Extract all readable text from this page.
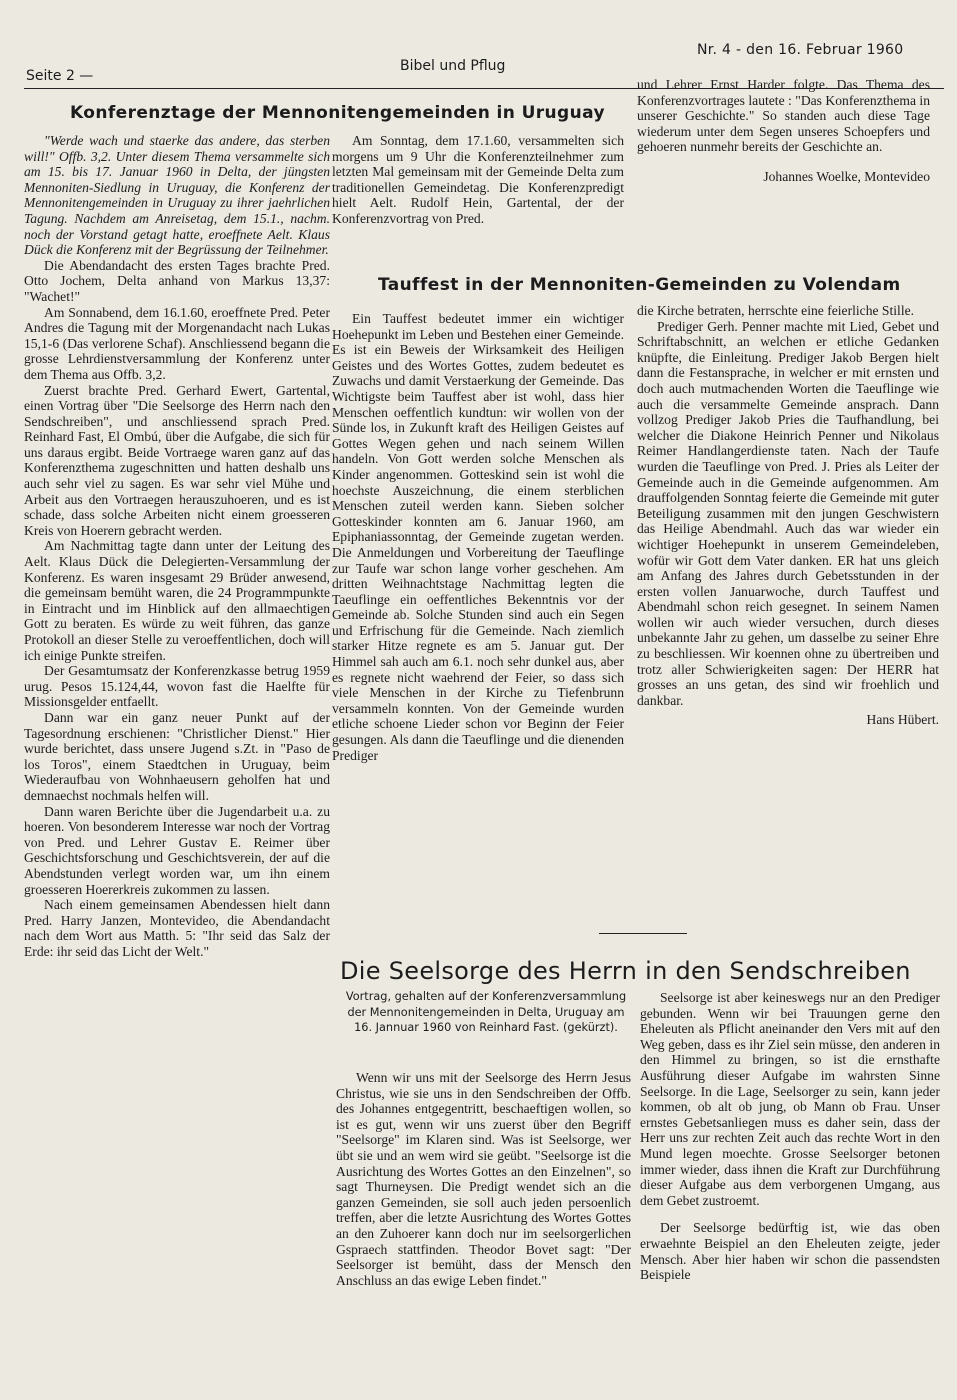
Seite 2 —
Bibel und Pflug
Nr. 4 - den 16. Februar 1960
Konferenztage der Mennonitengemeinden in Uruguay

"Werde wach und staerke das andere, das sterben will!" Offb. 3,2. Unter diesem Thema versammelte sich am 15. bis 17. Januar 1960 in Delta, der jüngsten Mennoniten-Siedlung in Uruguay, die Konferenz der Mennonitengemeinden in Uruguay zu ihrer jaehrlichen Tagung. Nachdem am Anreisetag, dem 15.1., nachm. noch der Vorstand getagt hatte, eroeffnete Aelt. Klaus Dück die Konferenz mit der Begrüssung der Teilnehmer.

Die Abendandacht des ersten Tages brachte Pred. Otto Jochem, Delta anhand von Markus 13,37: "Wachet!"

Am Sonnabend, dem 16.1.60, eroeffnete Pred. Peter Andres die Tagung mit der Morgenandacht nach Lukas 15,1-6 (Das verlorene Schaf). Anschliessend begann die grosse Lehrdienstversammlung der Konferenz unter dem Thema aus Offb. 3,2.

Zuerst brachte Pred. Gerhard Ewert, Gartental, einen Vortrag über "Die Seelsorge des Herrn nach den Sendschreiben", und anschliessend sprach Pred. Reinhard Fast, El Ombú, über die Aufgabe, die sich für uns daraus ergibt. Beide Vortraege waren ganz auf das Konferenzthema zugeschnitten und hatten deshalb uns auch sehr viel zu sagen. Es war sehr viel Mühe und Arbeit aus den Vortraegen herauszuhoeren, und es ist schade, dass solche Arbeiten nicht einem groesseren Kreis von Hoerern gebracht werden.

Am Nachmittag tagte dann unter der Leitung des Aelt. Klaus Dück die Delegierten-Versammlung der Konferenz. Es waren insgesamt 29 Brüder anwesend, die gemeinsam bemüht waren, die 24 Programmpunkte in Eintracht und im Hinblick auf den allmaechtigen Gott zu beraten. Es würde zu weit führen, das ganze Protokoll an dieser Stelle zu veroeffentlichen, doch will ich einige Punkte streifen.

Der Gesamtumsatz der Konferenzkasse betrug 1959 urug. Pesos 15.124,44, wovon fast die Haelfte für Missionsgelder entfaellt.

Dann war ein ganz neuer Punkt auf der Tagesordnung erschienen: "Christlicher Dienst." Hier wurde berichtet, dass unsere Jugend s.Zt. in "Paso de los Toros", einem Staedtchen in Uruguay, beim Wiederaufbau von Wohnhaeusern geholfen hat und demnaechst nochmals helfen will.

Dann waren Berichte über die Jugendarbeit u.a. zu hoeren. Von besonderem Interesse war noch der Vortrag von Pred. und Lehrer Gustav E. Reimer über Geschichtsforschung und Geschichtsverein, der auf die Abendstunden verlegt worden war, um ihn einem groesseren Hoererkreis zukommen zu lassen.

Nach einem gemeinsamen Abendessen hielt dann Pred. Harry Janzen, Montevideo, die Abendandacht nach dem Wort aus Matth. 5: "Ihr seid das Salz der Erde: ihr seid das Licht der Welt."

Am Sonntag, dem 17.1.60, versammelten sich morgens um 9 Uhr die Konferenzteilnehmer zum letzten Mal gemeinsam mit der Gemeinde Delta zum traditionellen Gemeindetag. Die Konferenzpredigt hielt Aelt. Rudolf Hein, Gartental, der der Konferenzvortrag von Pred.

und Lehrer Ernst Harder folgte. Das Thema des Konferenzvortrages lautete : "Das Konferenzthema in unserer Geschichte." So standen auch diese Tage wiederum unter dem Segen unseres Schoepfers und gehoeren nunmehr bereits der Geschichte an.

Johannes Woelke, Montevideo

Tauffest in der Mennoniten-Gemeinden zu Volendam

Ein Tauffest bedeutet immer ein wichtiger Hoehepunkt im Leben und Bestehen einer Gemeinde. Es ist ein Beweis der Wirksamkeit des Heiligen Geistes und des Wortes Gottes, zudem bedeutet es Zuwachs und damit Verstaerkung der Gemeinde. Das Wichtigste beim Tauffest aber ist wohl, dass hier Menschen oeffentlich kundtun: wir wollen von der Sünde los, in Zukunft kraft des Heiligen Geistes auf Gottes Wegen gehen und nach seinem Willen handeln. Von Gott werden solche Menschen als Kinder angenommen. Gotteskind sein ist wohl die hoechste Auszeichnung, die einem sterblichen Menschen zuteil werden kann. Sieben solcher Gotteskinder konnten am 6. Januar 1960, am Epiphaniassonntag, der Gemeinde zugetan werden. Die Anmeldungen und Vorbereitung der Taeuflinge zur Taufe war schon lange vorher geschehen. Am dritten Weihnachtstage Nachmittag legten die Taeuflinge ein oeffentliches Bekenntnis vor der Gemeinde ab. Solche Stunden sind auch ein Segen und Erfrischung für die Gemeinde. Nach ziemlich starker Hitze regnete es am 5. Januar gut. Der Himmel sah auch am 6.1. noch sehr dunkel aus, aber es regnete nicht waehrend der Feier, so dass sich viele Menschen in der Kirche zu Tiefenbrunn versammeln konnten. Von der Gemeinde wurden etliche schoene Lieder schon vor Beginn der Feier gesungen. Als dann die Taeuflinge und die dienenden Prediger

die Kirche betraten, herrschte eine feierliche Stille.

Prediger Gerh. Penner machte mit Lied, Gebet und Schriftabschnitt, an welchen er etliche Gedanken knüpfte, die Einleitung. Prediger Jakob Bergen hielt dann die Festansprache, in welcher er mit ernsten und doch auch mutmachenden Worten die Taeuflinge wie auch die versammelte Gemeinde ansprach. Dann vollzog Prediger Jakob Pries die Taufhandlung, bei welcher die Diakone Heinrich Penner und Nikolaus Reimer Handlangerdienste taten. Nach der Taufe wurden die Taeuflinge von Pred. J. Pries als Leiter der Gemeinde auch in die Gemeinde aufgenommen. Am drauffolgenden Sonntag feierte die Gemeinde mit guter Beteiligung zusammen mit den jungen Geschwistern das Heilige Abendmahl. Auch das war wieder ein wichtiger Hoehepunkt in unserem Gemeindeleben, wofür wir Gott dem Vater danken. ER hat uns gleich am Anfang des Jahres durch Gebetsstunden in der ersten vollen Januarwoche, durch Tauffest und Abendmahl schon reich gesegnet. In seinem Namen wollen wir auch wieder versuchen, durch dieses unbekannte Jahr zu gehen, um dasselbe zu seiner Ehre zu beschliessen. Wir koennen ohne zu übertreiben und trotz aller Schwierigkeiten sagen: Der HERR hat grosses an uns getan, des sind wir froehlich und dankbar.

Hans Hübert.

Die Seelsorge des Herrn in den Sendschreiben
Vortrag, gehalten auf der Konferenzversammlung der Mennonitengemeinden in Delta, Uruguay am 16. Jannuar 1960 von Reinhard Fast. (gekürzt).

Wenn wir uns mit der Seelsorge des Herrn Jesus Christus, wie sie uns in den Sendschreiben der Offb. des Johannes entgegentritt, beschaeftigen wollen, so ist es gut, wenn wir uns zuerst über den Begriff "Seelsorge" im Klaren sind. Was ist Seelsorge, wer übt sie und an wem wird sie geübt. "Seelsorge ist die Ausrichtung des Wortes Gottes an den Einzelnen", so sagt Thurneysen. Die Predigt wendet sich an die ganzen Gemeinden, sie soll auch jeden persoenlich treffen, aber die letzte Ausrichtung des Wortes Gottes an den Zuhoerer kann doch nur im seelsorgerlichen Gspraech stattfinden. Theodor Bovet sagt: "Der Seelsorger ist bemüht, dass der Mensch den Anschluss an das ewige Leben findet."

Seelsorge ist aber keineswegs nur an den Prediger gebunden. Wenn wir bei Trauungen gerne den Eheleuten als Pflicht aneinander den Vers mit auf den Weg geben, dass es ihr Ziel sein müsse, den anderen in den Himmel zu bringen, so ist die ernsthafte Ausführung dieser Aufgabe im wahrsten Sinne Seelsorge. In die Lage, Seelsorger zu sein, kann jeder kommen, ob alt ob jung, ob Mann ob Frau. Unser ernstes Gebetsanliegen muss es daher sein, dass der Herr uns zur rechten Zeit auch das rechte Wort in den Mund legen moechte. Grosse Seelsorger betonen immer wieder, dass ihnen die Kraft zur Durchführung dieser Aufgabe aus dem verborgenen Umgang, aus dem Gebet zustroemt.

Der Seelsorge bedürftig ist, wie das oben erwaehnte Beispiel an den Eheleuten zeigte, jeder Mensch. Aber hier haben wir schon die passendsten Beispiele
